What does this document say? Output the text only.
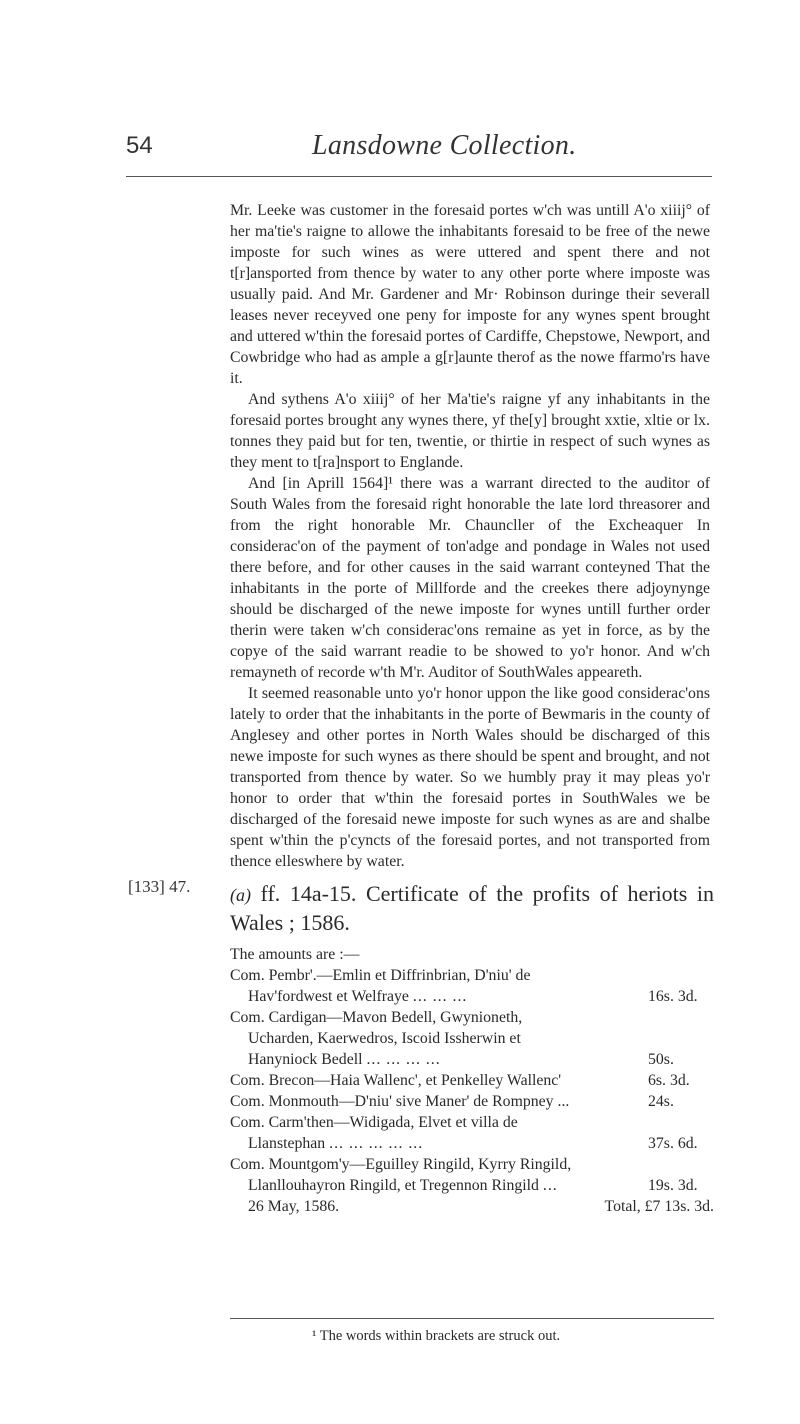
54	Lansdowne Collection.

Mr. Leeke was customer in the foresaid portes w'ch was untill A'o xiiij° of her ma'tie's raigne to allowe the inhabitants foresaid to be free of the newe imposte for such wines as were uttered and spent there and not t[r]ansported from thence by water to any other porte where imposte was usually paid. And Mr. Gardener and Mr· Robinson duringe their severall leases never receyved one peny for imposte for any wynes spent brought and uttered w'thin the foresaid portes of Cardiffe, Chepstowe, Newport, and Cowbridge who had as ample a g[r]aunte therof as the nowe ffarmo'rs have it.

And sythens A'o xiiij° of her Ma'tie's raigne yf any inhabitants in the foresaid portes brought any wynes there, yf the[y] brought xxtie, xltie or lx. tonnes they paid but for ten, twentie, or thirtie in respect of such wynes as they ment to t[ra]nsport to Englande.

And [in Aprill 1564]¹ there was a warrant directed to the auditor of South Wales from the foresaid right honorable the late lord threasorer and from the right honorable Mr. Chauncller of the Excheaquer In considerac'on of the payment of ton'adge and pondage in Wales not used there before, and for other causes in the said warrant conteyned That the inhabitants in the porte of Millforde and the creekes there adjoynynge should be discharged of the newe imposte for wynes untill further order therin were taken w'ch considerac'ons remaine as yet in force, as by the copye of the said warrant readie to be showed to yo'r honor. And w'ch remayneth of recorde w'th M'r. Auditor of SouthWales appeareth.

It seemed reasonable unto yo'r honor uppon the like good considerac'ons lately to order that the inhabitants in the porte of Bewmaris in the county of Anglesey and other portes in North Wales should be discharged of this newe imposte for such wynes as there should be spent and brought, and not transported from thence by water. So we humbly pray it may pleas yo'r honor to order that w'thin the foresaid portes in SouthWales we be discharged of the foresaid newe imposte for such wynes as are and shalbe spent w'thin the p'cyncts of the foresaid portes, and not transported from thence elleswhere by water.

[133] 47. (a) ff. 14a-15. Certificate of the profits of heriots in Wales ; 1586.
The amounts are :—
Com. Pembr'.—Emlin et Diffrinbrian, D'niu' de
Hav'fordwest et Welfraye ... ... ...	16s. 3d.
Com. Cardigan—Mavon Bedell, Gwynioneth,
Ucharden, Kaerwedros, Iscoid Issherwin et
Hanyniock Bedell ... ... ... ...	50s.
Com. Brecon—Haia Wallenc', et Penkelley Wallenc'	6s. 3d.
Com. Monmouth—D'niu' sive Maner' de Rompney ...	24s.
Com. Carm'then—Widigada, Elvet et villa de
Llanstephan ... ... ... ... ...	37s. 6d.
Com. Mountgom'y—Eguilley Ringild, Kyrry Ringild,
Llanllouhayron Ringild, et Tregennon Ringild ...	19s. 3d.
26 May, 1586.	Total, £7 13s. 3d.
¹ The words within brackets are struck out.
